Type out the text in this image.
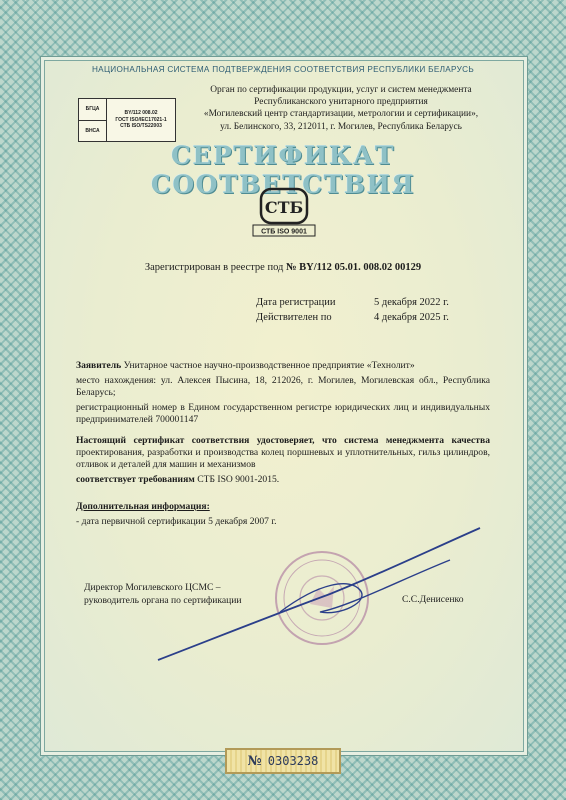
НАЦИОНАЛЬНАЯ СИСТЕМА ПОДТВЕРЖДЕНИЯ СООТВЕТСТВИЯ РЕСПУБЛИКИ БЕЛАРУСЬ
БГЦА
ВНСА
BY/112 008.02
ГОСТ ISO/IEC17021-1
СТБ ISO/TS22003
Орган по сертификации продукции, услуг и систем менеджмента
Республиканского унитарного предприятия
«Могилевский центр стандартизации, метрологии и сертификации»,
ул. Белинского, 33, 212011, г. Могилев, Республика Беларусь
СЕРТИФИКАТ СООТВЕТСТВИЯ
СТБ
СТБ ISO 9001
Зарегистрирован в реестре под № BY/112 05.01. 008.02 00129
Дата регистрации	5 декабря 2022 г.
Действителен по	4 декабря 2025 г.

Заявитель Унитарное частное научно-производственное предприятие «Технолит»

место нахождения: ул. Алексея Пысина, 18, 212026, г. Могилев, Могилевская обл., Республика Беларусь;

регистрационный номер в Едином государственном регистре юридических лиц и индивидуальных предпринимателей 700001147

Настоящий сертификат соответствия удостоверяет, что система менеджмента качества проектирования, разработки и производства колец поршневых и уплотнительных, гильз цилиндров, отливок и деталей для машин и механизмов

соответствует требованиям СТБ ISO 9001-2015.

Дополнительная информация:

- дата первичной сертификации 5 декабря 2007 г.

Директор Могилевского ЦСМС –
руководитель органа по сертификации	С.С.Денисенко
№ 0303238
